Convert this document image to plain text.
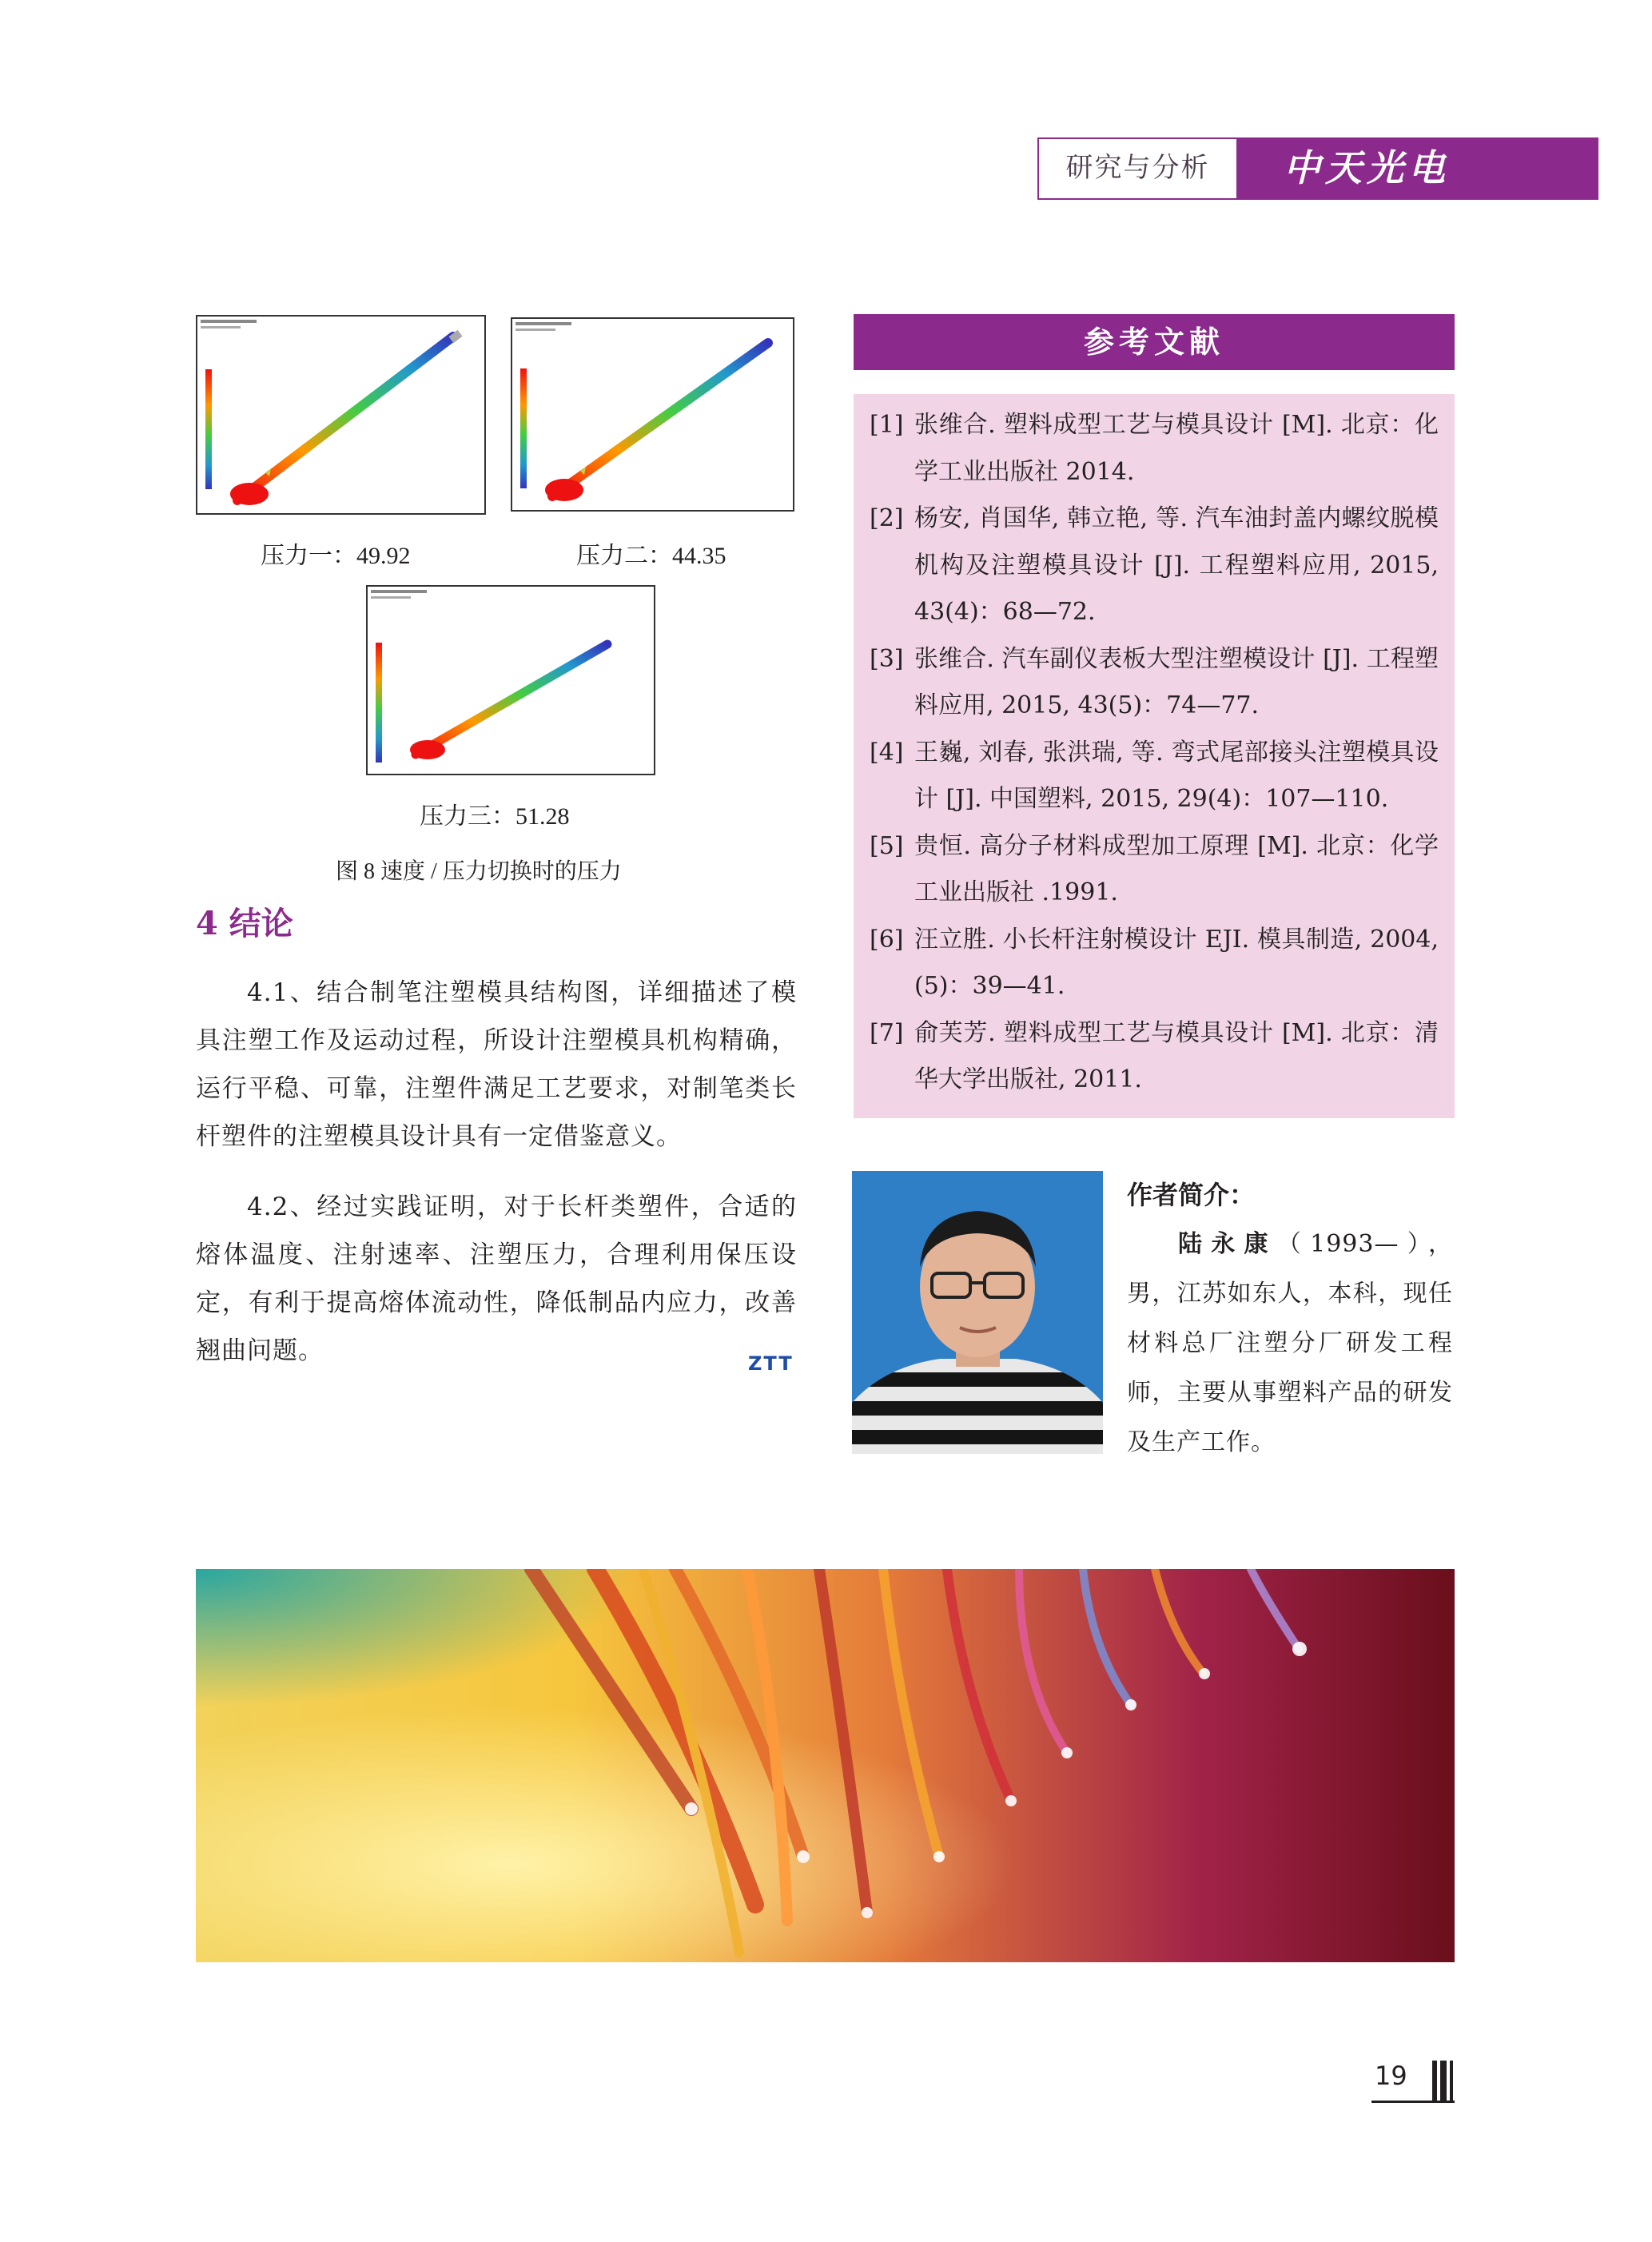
研究与分析	中天光电
压力一：49.92	压力二：44.35
压力三：51.28
图 8 速度 / 压力切换时的压力
4 结论
4.1、结合制笔注塑模具结构图，详细描述了模具注塑工作及运动过程，所设计注塑模具机构精确，运行平稳、可靠，注塑件满足工艺要求，对制笔类长杆塑件的注塑模具设计具有一定借鉴意义。
4.2、经过实践证明，对于长杆类塑件，合适的熔体温度、注射速率、注塑压力，合理利用保压设定，有利于提高熔体流动性，降低制品内应力，改善翘曲问题。	ZTT
参考文献
[1] 张维合. 塑料成型工艺与模具设计 [M]. 北京：化学工业出版社 2014.
[2] 杨安, 肖国华, 韩立艳, 等. 汽车油封盖内螺纹脱模机构及注塑模具设计 [J]. 工程塑料应用, 2015, 43(4)：68—72.
[3] 张维合. 汽车副仪表板大型注塑模设计 [J]. 工程塑料应用, 2015, 43(5)：74—77.
[4] 王巍, 刘春, 张洪瑞, 等. 弯式尾部接头注塑模具设计 [J]. 中国塑料, 2015, 29(4)：107—110.
[5] 贵恒. 高分子材料成型加工原理 [M]. 北京：化学工业出版社 .1991.
[6] 汪立胜. 小长杆注射模设计 EJI. 模具制造, 2004, (5)：39—41.
[7] 俞芙芳. 塑料成型工艺与模具设计 [M]. 北京：清华大学出版社, 2011.
作者简介：
陆永康（1993—），男，江苏如东人，本科，现任材料总厂注塑分厂研发工程师，主要从事塑料产品的研发及生产工作。
19
